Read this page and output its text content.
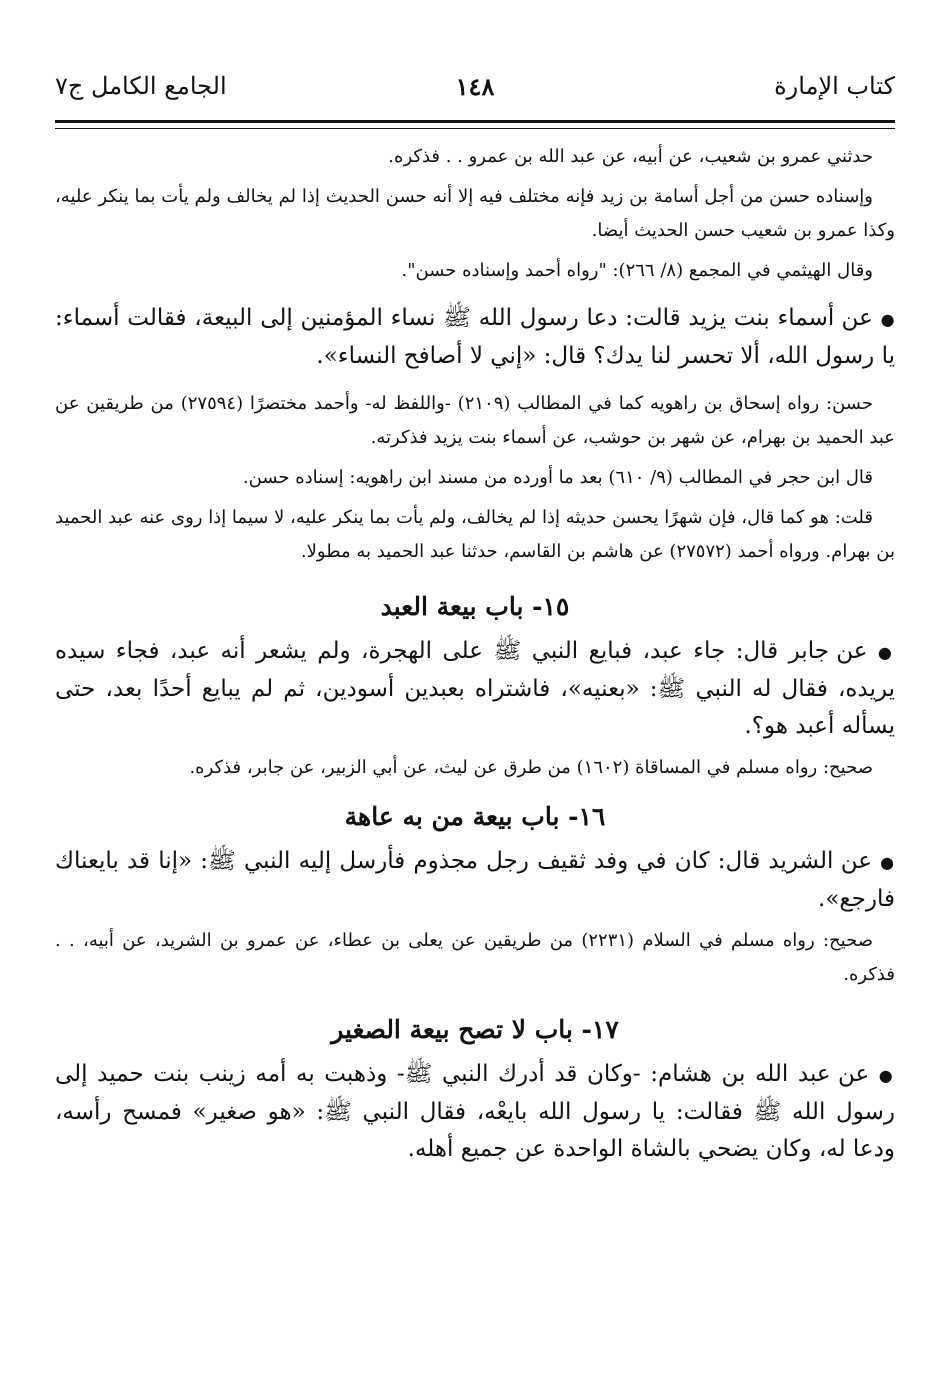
كتاب الإمارة
١٤٨
الجامع الكامل ج٧

حدثني عمرو بن شعيب، عن أبيه، عن عبد الله بن عمرو . . فذكره.

وإسناده حسن من أجل أسامة بن زيد فإنه مختلف فيه إلا أنه حسن الحديث إذا لم يخالف ولم يأت بما ينكر عليه، وكذا عمرو بن شعيب حسن الحديث أيضا.

وقال الهيثمي في المجمع (٨/ ٢٦٦): "رواه أحمد وإسناده حسن".

● عن أسماء بنت يزيد قالت: دعا رسول الله ﷺ نساء المؤمنين إلى البيعة، فقالت أسماء: يا رسول الله، ألا تحسر لنا يدك؟ قال: «إني لا أصافح النساء».

حسن: رواه إسحاق بن راهويه كما في المطالب (٢١٠٩) -واللفظ له- وأحمد مختصرًا (٢٧٥٩٤) من طريقين عن عبد الحميد بن بهرام، عن شهر بن حوشب، عن أسماء بنت يزيد فذكرته.

قال ابن حجر في المطالب (٩/ ٦١٠) بعد ما أورده من مسند ابن راهويه: إسناده حسن.

قلت: هو كما قال، فإن شهرًا يحسن حديثه إذا لم يخالف، ولم يأت بما ينكر عليه، لا سيما إذا روى عنه عبد الحميد بن بهرام. ورواه أحمد (٢٧٥٧٢) عن هاشم بن القاسم، حدثنا عبد الحميد به مطولا.

١٥- باب بيعة العبد

● عن جابر قال: جاء عبد، فبايع النبي ﷺ على الهجرة، ولم يشعر أنه عبد، فجاء سيده يريده، فقال له النبي ﷺ: «بعنيه»، فاشتراه بعبدين أسودين، ثم لم يبايع أحدًا بعد، حتى يسأله أعبد هو؟.

صحيح: رواه مسلم في المساقاة (١٦٠٢) من طرق عن ليث، عن أبي الزبير، عن جابر، فذكره.

١٦- باب بيعة من به عاهة

● عن الشريد قال: كان في وفد ثقيف رجل مجذوم فأرسل إليه النبي ﷺ: «إنا قد بايعناك فارجع».

صحيح: رواه مسلم في السلام (٢٢٣١) من طريقين عن يعلى بن عطاء، عن عمرو بن الشريد، عن أبيه، . . فذكره.

١٧- باب لا تصح بيعة الصغير

● عن عبد الله بن هشام: -وكان قد أدرك النبي ﷺ- وذهبت به أمه زينب بنت حميد إلى رسول الله ﷺ فقالت: يا رسول الله بايعْه، فقال النبي ﷺ: «هو صغير» فمسح رأسه، ودعا له، وكان يضحي بالشاة الواحدة عن جميع أهله.
